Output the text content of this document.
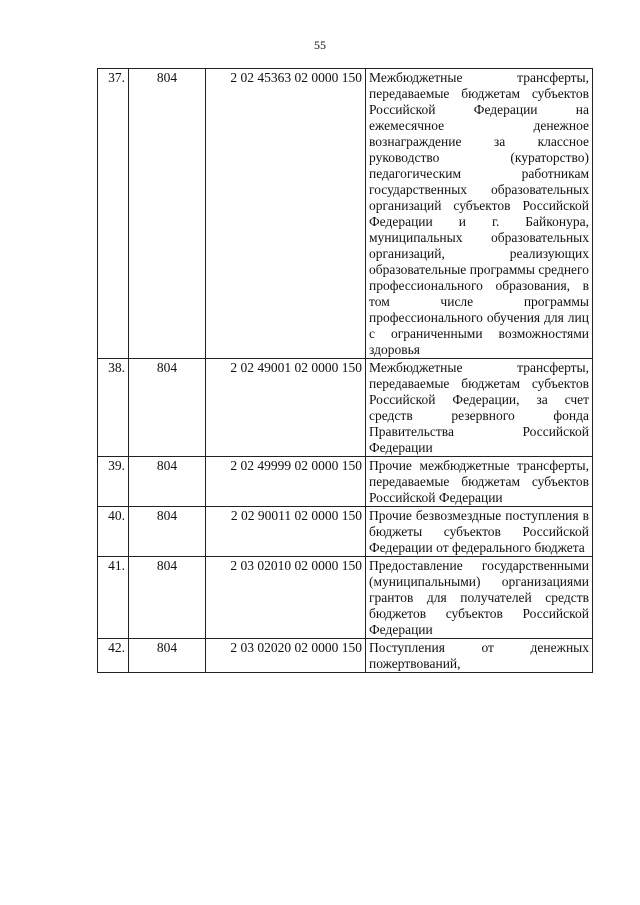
55
37.	804	2 02 45363 02 0000 150	Межбюджетные трансферты, передаваемые бюджетам субъектов Российской Федерации на ежемесячное денежное вознаграждение за классное руководство (кураторство) педагогическим работникам государственных образовательных организаций субъектов Российской Федерации и г. Байконура, муниципальных образовательных организаций, реализующих образовательные программы среднего профессионального образования, в том числе программы профессионального обучения для лиц с ограниченными возможностями здоровья
38.	804	2 02 49001 02 0000 150	Межбюджетные трансферты, передаваемые бюджетам субъектов Российской Федерации, за счет средств резервного фонда Правительства Российской Федерации
39.	804	2 02 49999 02 0000 150	Прочие межбюджетные трансферты, передаваемые бюджетам субъектов Российской Федерации
40.	804	2 02 90011 02 0000 150	Прочие безвозмездные поступления в бюджеты субъектов Российской Федерации от федерального бюджета
41.	804	2 03 02010 02 0000 150	Предоставление государственными (муниципальными) организациями грантов для получателей средств бюджетов субъектов Российской Федерации
42.	804	2 03 02020 02 0000 150	Поступления от денежных пожертвований,
